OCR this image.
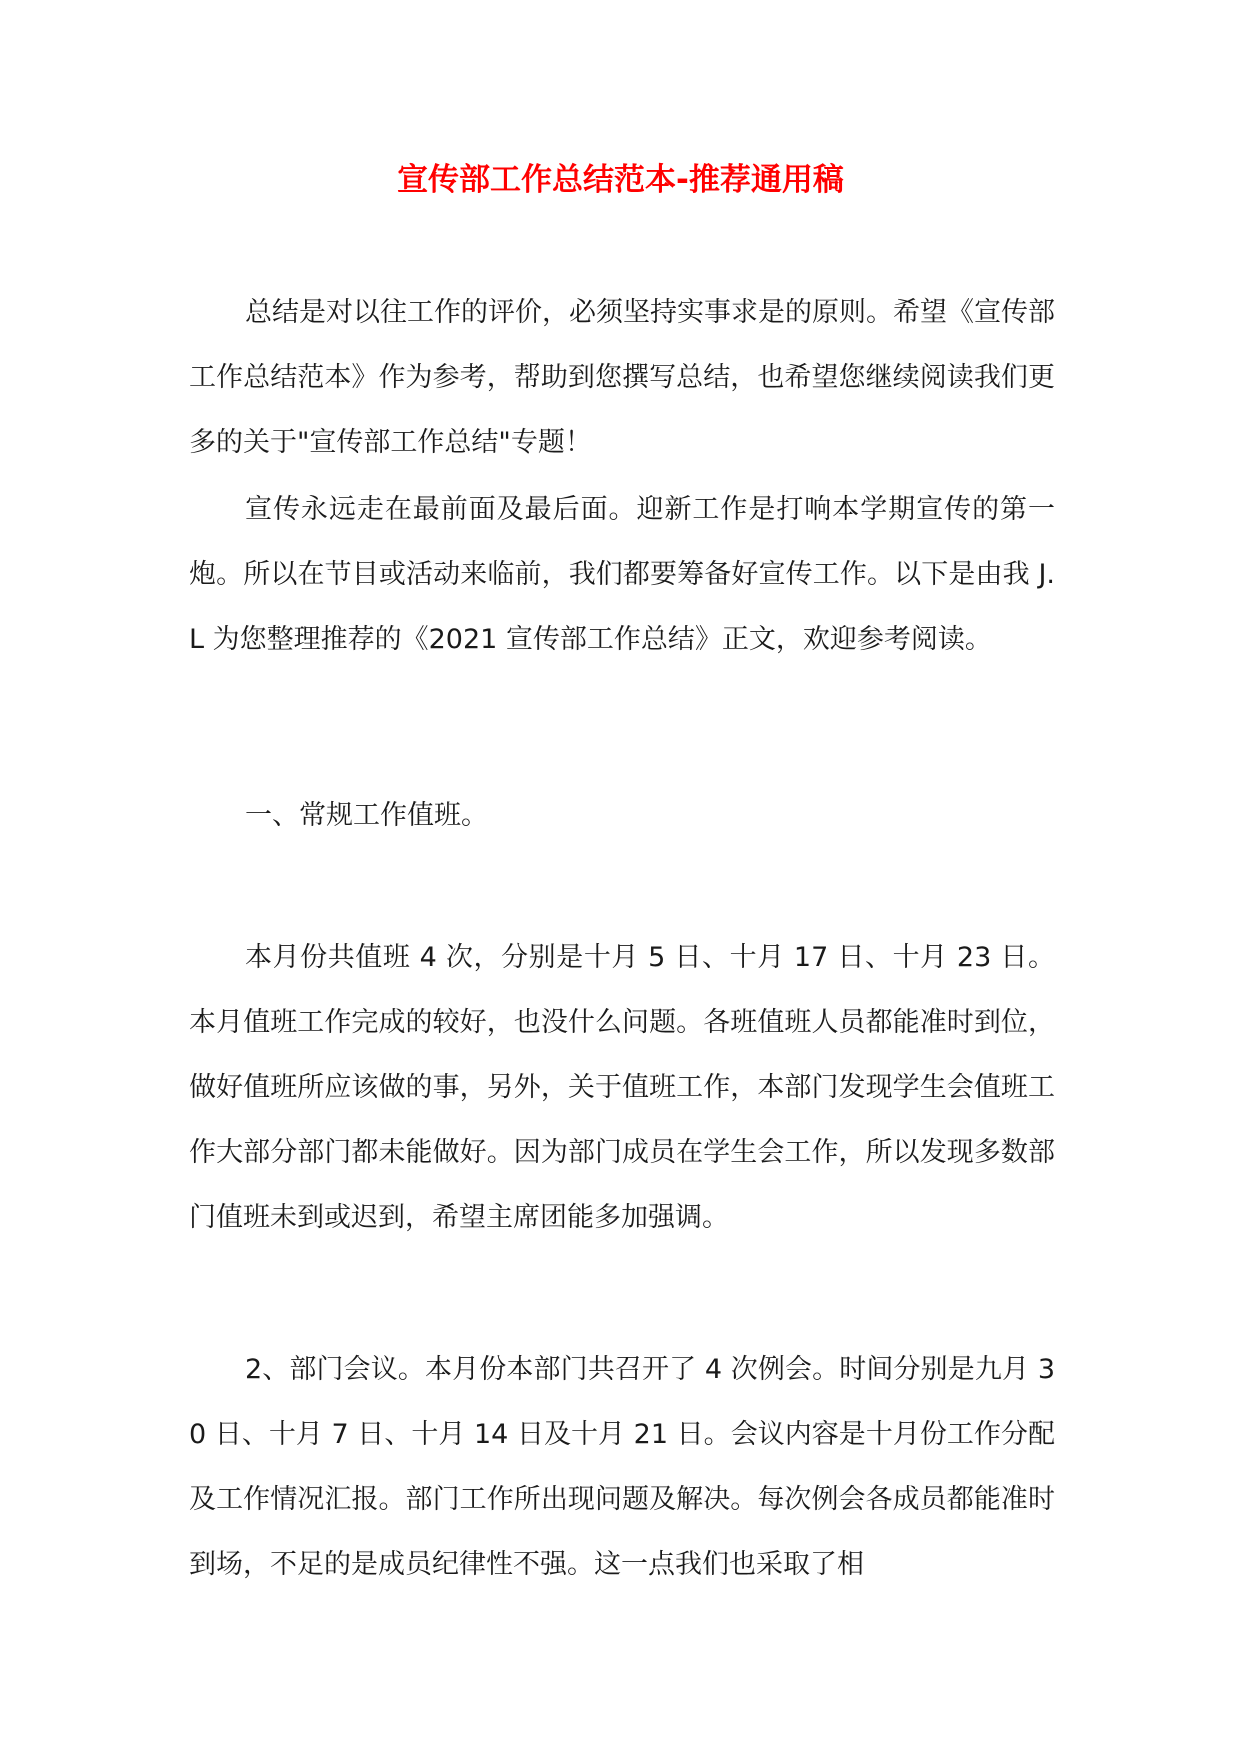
宣传部工作总结范本-推荐通用稿

总结是对以往工作的评价，必须坚持实事求是的原则。希望《宣传部工作总结范本》作为参考，帮助到您撰写总结，也希望您继续阅读我们更多的关于"宣传部工作总结"专题！

宣传永远走在最前面及最后面。迎新工作是打响本学期宣传的第一炮。所以在节目或活动来临前，我们都要筹备好宣传工作。以下是由我 J.L 为您整理推荐的《2021 宣传部工作总结》正文，欢迎参考阅读。

一、常规工作值班。

本月份共值班 4 次，分别是十月 5 日、十月 17 日、十月 23 日。本月值班工作完成的较好，也没什么问题。各班值班人员都能准时到位，做好值班所应该做的事，另外，关于值班工作，本部门发现学生会值班工作大部分部门都未能做好。因为部门成员在学生会工作，所以发现多数部门值班未到或迟到，希望主席团能多加强调。

2、部门会议。本月份本部门共召开了 4 次例会。时间分别是九月 30 日、十月 7 日、十月 14 日及十月 21 日。会议内容是十月份工作分配及工作情况汇报。部门工作所出现问题及解决。每次例会各成员都能准时到场，不足的是成员纪律性不强。这一点我们也采取了相
